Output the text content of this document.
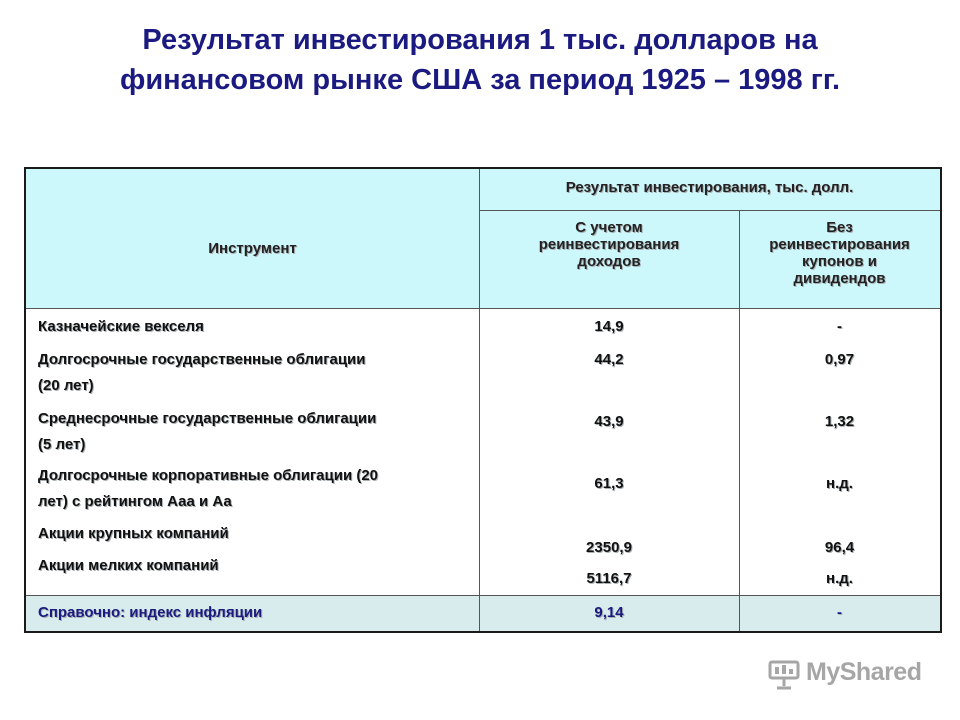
Результат инвестирования 1 тыс. долларов на
финансовом рынке США за период 1925 – 1998 гг.
Инструмент
Результат инвестирования, тыс. долл.
С учетом
реинвестирования
доходов
Без
реинвестирования
купонов и
дивидендов
Казначейские векселя
Долгосрочные государственные облигации
(20 лет)
Среднесрочные государственные облигации
(5 лет)
Долгосрочные корпоративные облигации (20
лет) с рейтингом Ааа и Аа
Акции крупных компаний
Акции мелких компаний
14,9
44,2
43,9
61,3
2350,9
5116,7
-
0,97
1,32
н.д.
96,4
н.д.
Справочно: индекс инфляции	9,14	-
MyShared
